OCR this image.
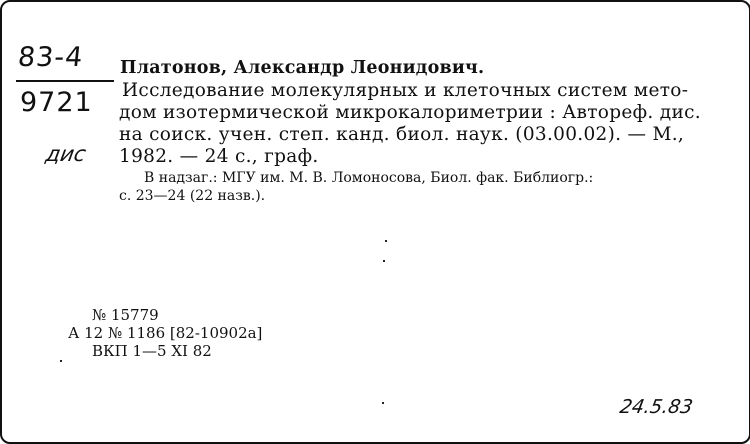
83-4
9721
дис
Платонов, Александр Леонидович.
Исследование молекулярных и клеточных систем мето-
дом изотермической микрокалориметрии : Автореф. дис.
на соиск. учен. степ. канд. биол. наук. (03.00.02). — М.,
1982. — 24 с., граф.
В надзаг.: МГУ им. М. В. Ломоносова, Биол. фак. Библиогр.:
с. 23—24 (22 назв.).
№ 15779
А 12 № 1186 [82-10902а]
ВКП 1—5 XI 82
24.5.83
